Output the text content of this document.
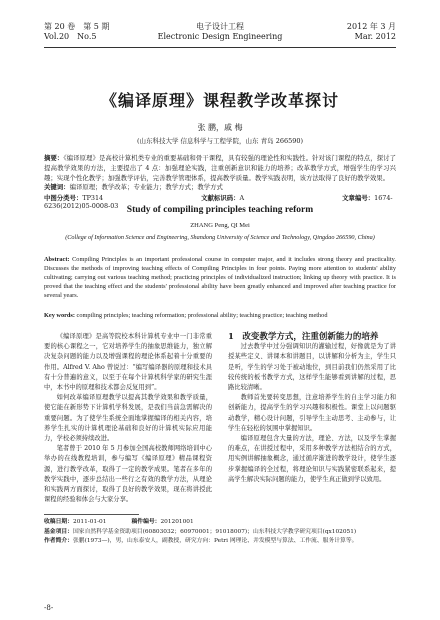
第 20 卷　第 5 期
Vol.20　No.5
电子设计工程
Electronic Design Engineering
2012 年 3 月
Mar. 2012
《编译原理》课程教学改革探讨
张 鹏，戚 梅
(山东科技大学 信息科学与工程学院，山东 青岛 266590)
摘要：《编译原理》是高校计算机类专业的重要基础和骨干课程，具有较强的理论性和实践性。针对该门课程的特点，探讨了提高教学效果的方法，主要提出了 4 点：加强理论实践，注重创新意识和能力的培养；改革教学方式，增强学生的学习兴趣；实现个性化教学；加强教学评估，完善教学管理体系，提高教学质量。教学实践表明，该方法取得了良好的教学效果。
关键词：编译原理；教学改革；专业能力；教学方式；教学方式
中图分类号：TP314	文献标识码：A	文章编号：1674-6236(2012)05-0008-03 Study of compiling principles teaching reform
ZHANG Peng, QI Mei
(College of Information Science and Engineering, Shandong University of Science and Technology, Qingdao 266590, China)
Abstract: Compiling Principles is an important professional course in computer major, and it includes strong theory and practicality. Discusses the methods of improving teaching effects of Compiling Principles in four points. Paying more attention to students' ability cultivating; carrying out various teaching method; practicing principles of individualized instruction; linking up theory with practice. It is proved that the teaching effect and the students' professional ability have been greatly enhanced and improved after teaching practice for several years.
Key words: compiling principles; teaching reformation; professional ability; teaching practice; teaching method

《编译原理》是高等院校本科计算机专业中一门非常重要的核心课程之一，它对培养学生的抽象思维能力，独立解决复杂问题的能力以及增强课程的理论体系起着十分重要的作用。Alfred V. Aho 曾说过：“编写编译器的原理和技术具有十分普遍的意义，以至于在每个计算机科学家的研究生涯中，本书中的原理和技术都会反复用到”。

如何改革编译原理教学以提高其教学效果和教学质量，使它能在新形势下计算机学科发展，是我们当前急需解决的重要问题。为了使学生系统全面地掌握编译的相关内容，培养学生扎实的计算机理论基础和良好的计算机实际应用能力，学校必须持续改进。

笔者曾于 2010 年 5 月参加全国高校教师网络培训中心举办的在线教程培训，参与编写《编译原理》精品课程资源，进行教学改革，取得了一定的教学成果。笔者在多年的教学实践中，逐步总结出一些行之有效的教学方法，从理论和实践两方面探讨，取得了良好的教学效果，现在将讲授此课程的经验和体会与大家分享。

1　改变教学方式，注重创新能力的培养

过去教学中过分强调知识的灌输过程，好像就是为了讲授某些定义、讲课本和讲题目，以讲解和分析为主，学生只是听，学生的学习处于被动地位，到目前我们仍然采用了比较传统的板书教学方式，这样学生能够看到讲解的过程，思路比较清晰。

教师首先要转变思想，注意培养学生的自主学习能力和创新能力，提高学生的学习兴趣和积极性。课堂上以问题驱动教学，精心设计问题，引导学生主动思考、主动参与，让学生在轻松的氛围中掌握知识。

编译原理包含大量的方法，理论、方法，以及学生掌握的难点，在讲授过程中，采用多种教学方法相结合的方式，用实例讲解抽象概念，通过循序渐进的教学设计，使学生逐步掌握编译的全过程，将理论知识与实践紧密联系起来，提高学生解决实际问题的能力，使学生真正做到学以致用。

收稿日期：2011-01-01 　　　　	稿件编号：201201001
基金项目：国家自然科学基金资助项目(60803032；60970001；91018007)；山东科技大学教学研究项目(qx102051)
作者简介：张鹏(1973—)，男，山东泰安人，副教授，研究方向：Petri 网理论、并发模型与算法、工作流、服务计算等。
-8-
